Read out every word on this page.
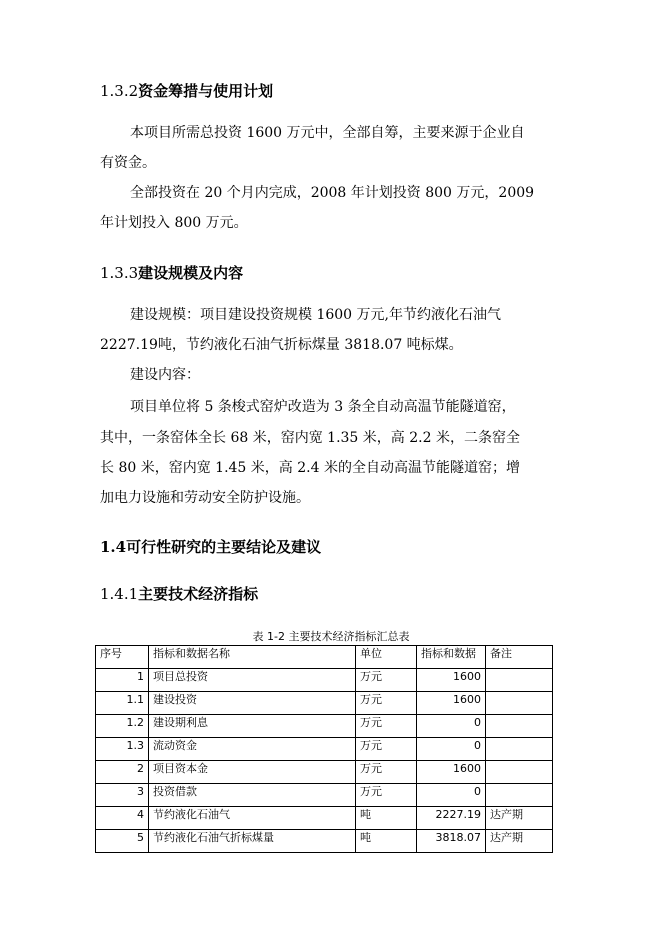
1.3.2资金筹措与使用计划
本项目所需总投资 1600 万元中，全部自筹，主要来源于企业自
有资金。
全部投资在 20 个月内完成，2008 年计划投资 800 万元，2009
年计划投入 800 万元。
1.3.3建设规模及内容
建设规模：项目建设投资规模 1600 万元,年节约液化石油气
2227.19吨，节约液化石油气折标煤量 3818.07 吨标煤。
建设内容：
项目单位将 5 条梭式窑炉改造为 3 条全自动高温节能隧道窑，
其中，一条窑体全长 68 米，窑内宽 1.35 米，高 2.2 米，二条窑全
长 80 米，窑内宽 1.45 米，高 2.4 米的全自动高温节能隧道窑；增
加电力设施和劳动安全防护设施。
1.4可行性研究的主要结论及建议
1.4.1主要技术经济指标
表 1-2 主要技术经济指标汇总表
序号	指标和数据名称	单位	指标和数据	备注
1	项目总投资	万元	1600	
1.1	建设投资	万元	1600	
1.2	建设期利息	万元	0	
1.3	流动资金	万元	0	
2	项目资本金	万元	1600	
3	投资借款	万元	0	
4	节约液化石油气	吨	2227.19	达产期
5	节约液化石油气折标煤量	吨	3818.07	达产期
